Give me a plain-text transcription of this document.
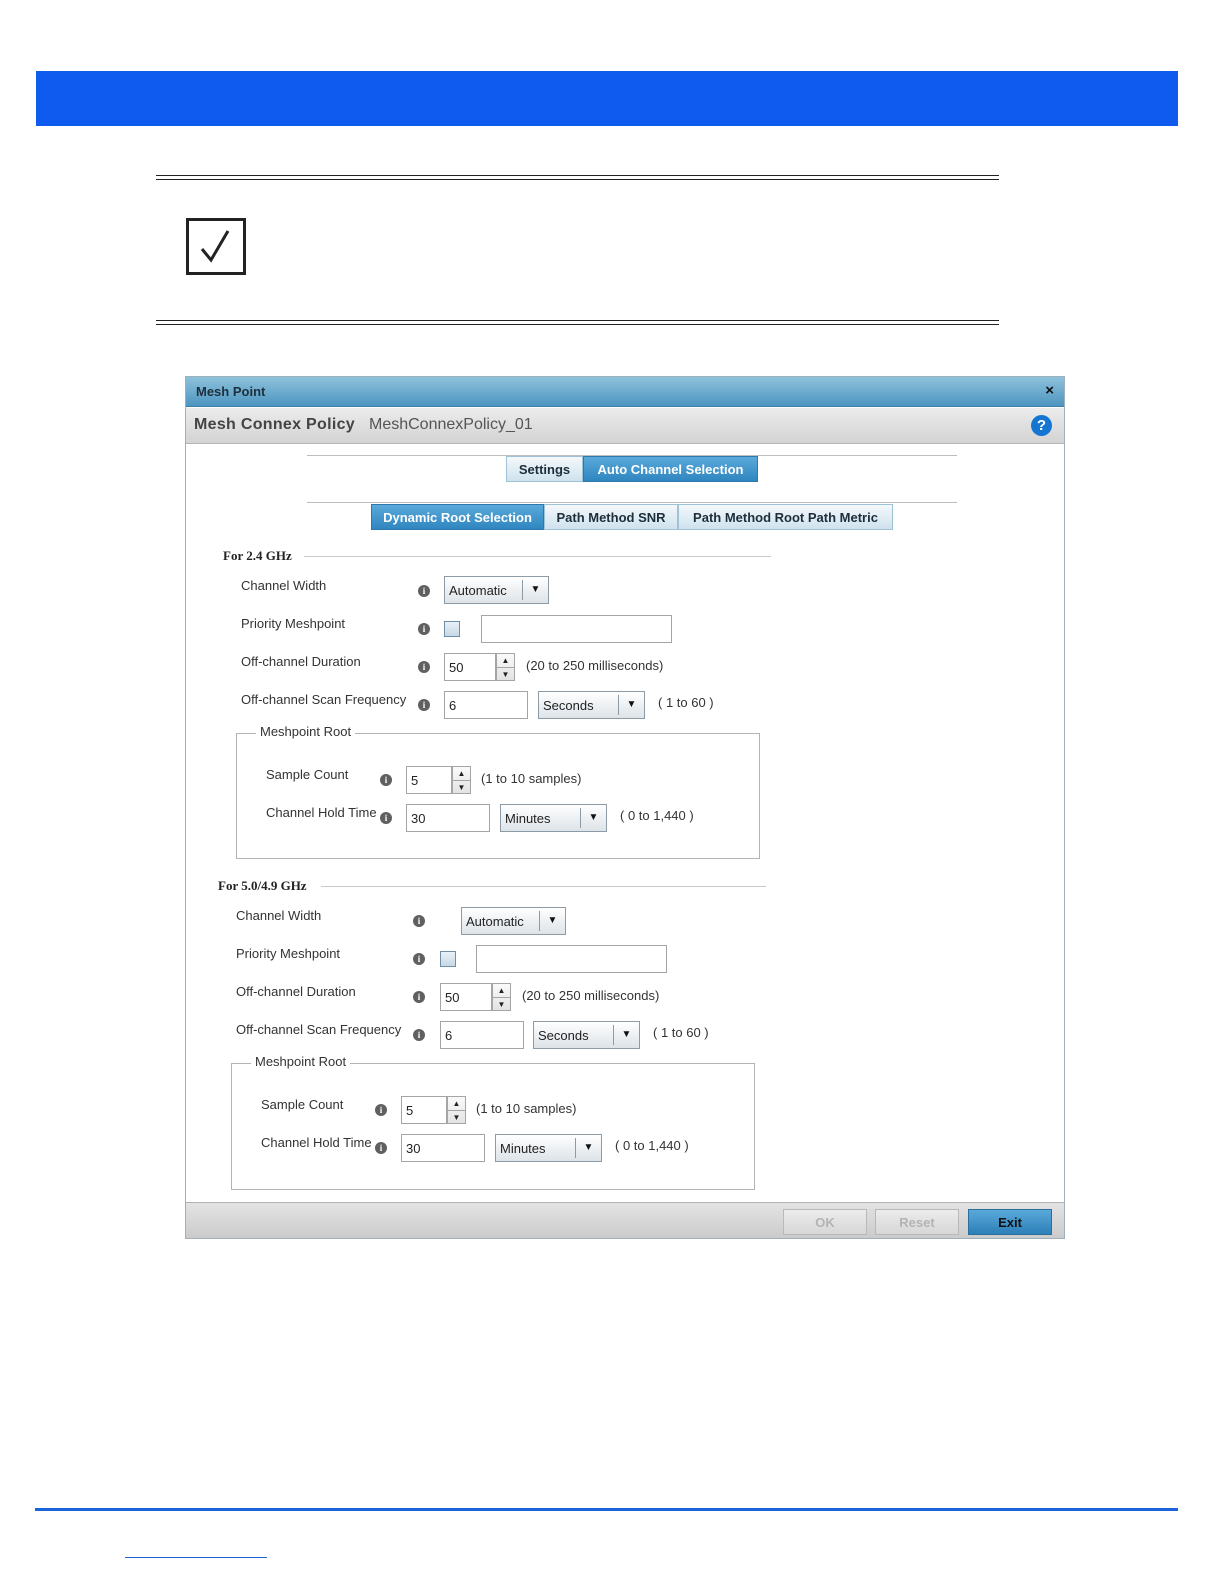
Mesh Point	×
Mesh Connex Policy MeshConnexPolicy_01	?
Settings	Auto Channel Selection
Dynamic Root Selection	Path Method SNR	Path Method Root Path Metric
For 2.4 GHz
Channel Width	i	Automatic	▼
Priority Meshpoint	i
Off-channel Duration	i	50	▲
▼
(20 to 250 milliseconds)
Off-channel Scan Frequency	i	6	Seconds	▼	( 1 to 60 )
Meshpoint Root
Sample Count	i	5	▲
▼
(1 to 10 samples)
Channel Hold Time i	30	Minutes	▼	( 0 to 1,440 )
For 5.0/4.9 GHz
Channel Width	i	Automatic	▼
Priority Meshpoint	i
Off-channel Duration	i	50	▲
▼
(20 to 250 milliseconds)
Off-channel Scan Frequency	i	6	Seconds	▼	( 1 to 60 )
Meshpoint Root
Sample Count	i	5	▲
▼
(1 to 10 samples)
Channel Hold Time i	30	Minutes	▼	( 0 to 1,440 )
OK	Reset	Exit
